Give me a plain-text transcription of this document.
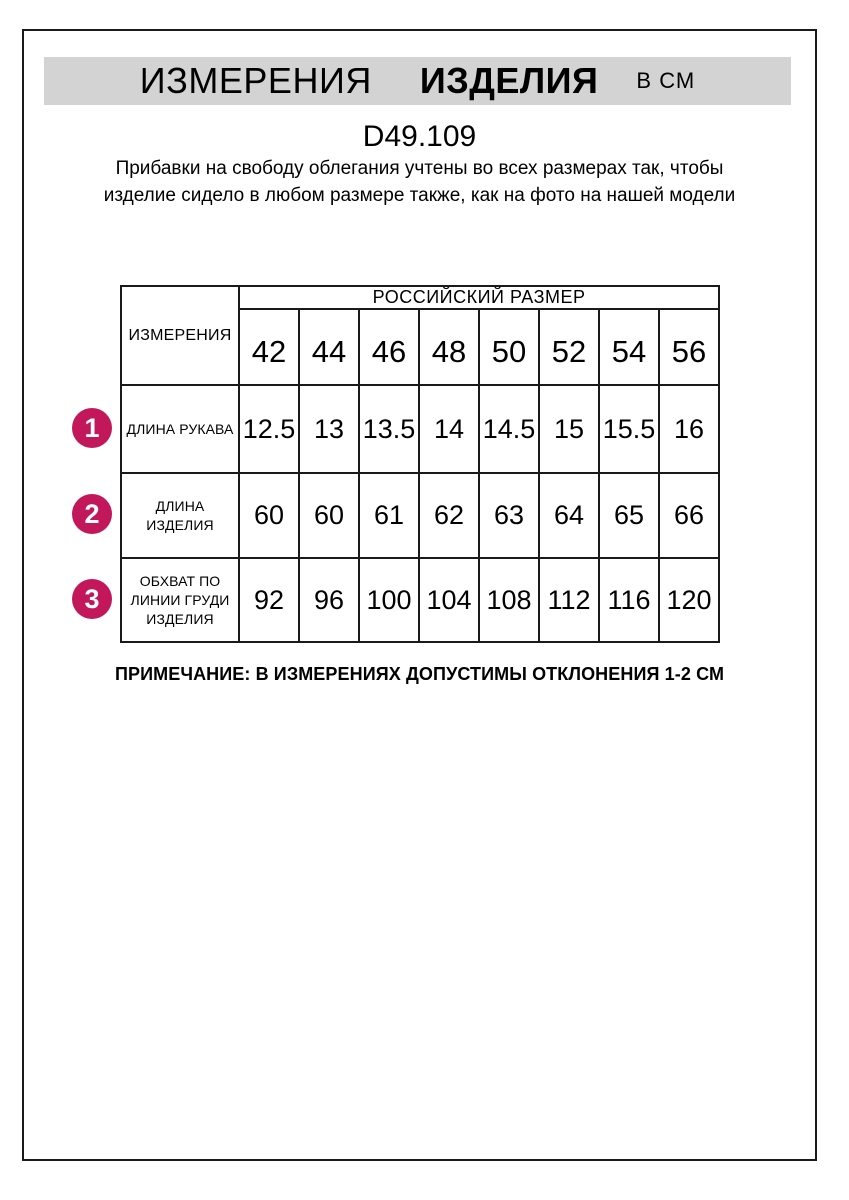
ИЗМЕРЕНИЯ ИЗДЕЛИЯ В СМ
D49.109
Прибавки на свободу облегания учтены во всех размерах так, чтобы изделие сидело в любом размере также, как на фото на нашей модели
ИЗМЕРЕНИЯ	РОССИЙСКИЙ РАЗМЕР							
	42	44	46	48	50	52	54	56
ДЛИНА РУКАВА	12.5	13	13.5	14	14.5	15	15.5	16
ДЛИНА ИЗДЕЛИЯ	60	60	61	62	63	64	65	66
ОБХВАТ ПО ЛИНИИ ГРУДИ ИЗДЕЛИЯ	92	96	100	104	108	112	116	120
1
2
3
ПРИМЕЧАНИЕ: В ИЗМЕРЕНИЯХ ДОПУСТИМЫ ОТКЛОНЕНИЯ 1-2 СМ
